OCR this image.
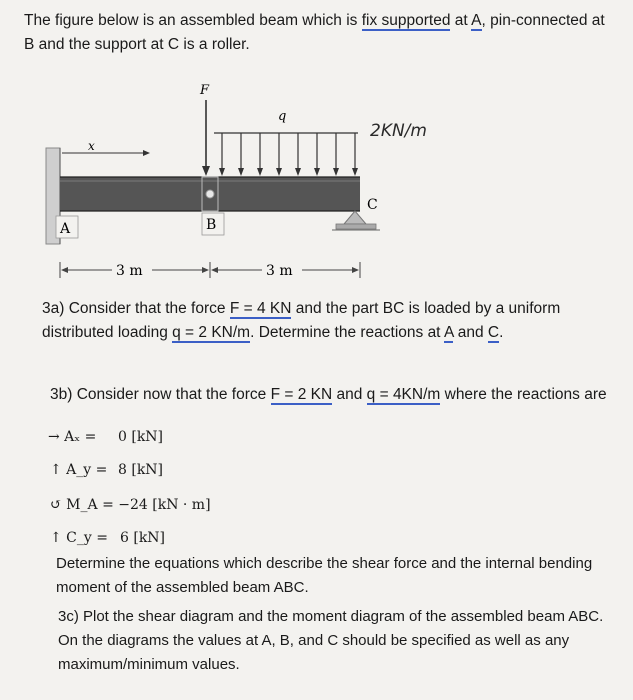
The figure below is an assembled beam which is fix supported at A, pin-connected at
B and the support at C is a roller.
x
F
q
2KN/m
C
A	B
3 m	3 m
3a) Consider that the force F = 4 KN and the part BC is loaded by a uniform
distributed loading q = 2 KN/m. Determine the reactions at A and C.
3b) Consider now that the force F = 2 KN and q = 4KN/m where the reactions are
→ Aₓ = 0 [kN]
↑ A_y = 8 [kN]
↺ M_A = −24 [kN · m]
↑ C_y = 6 [kN]
Determine the equations which describe the shear force and the internal bending
moment of the assembled beam ABC.
3c) Plot the shear diagram and the moment diagram of the assembled beam ABC.
On the diagrams the values at A, B, and C should be specified as well as any
maximum/minimum values.
